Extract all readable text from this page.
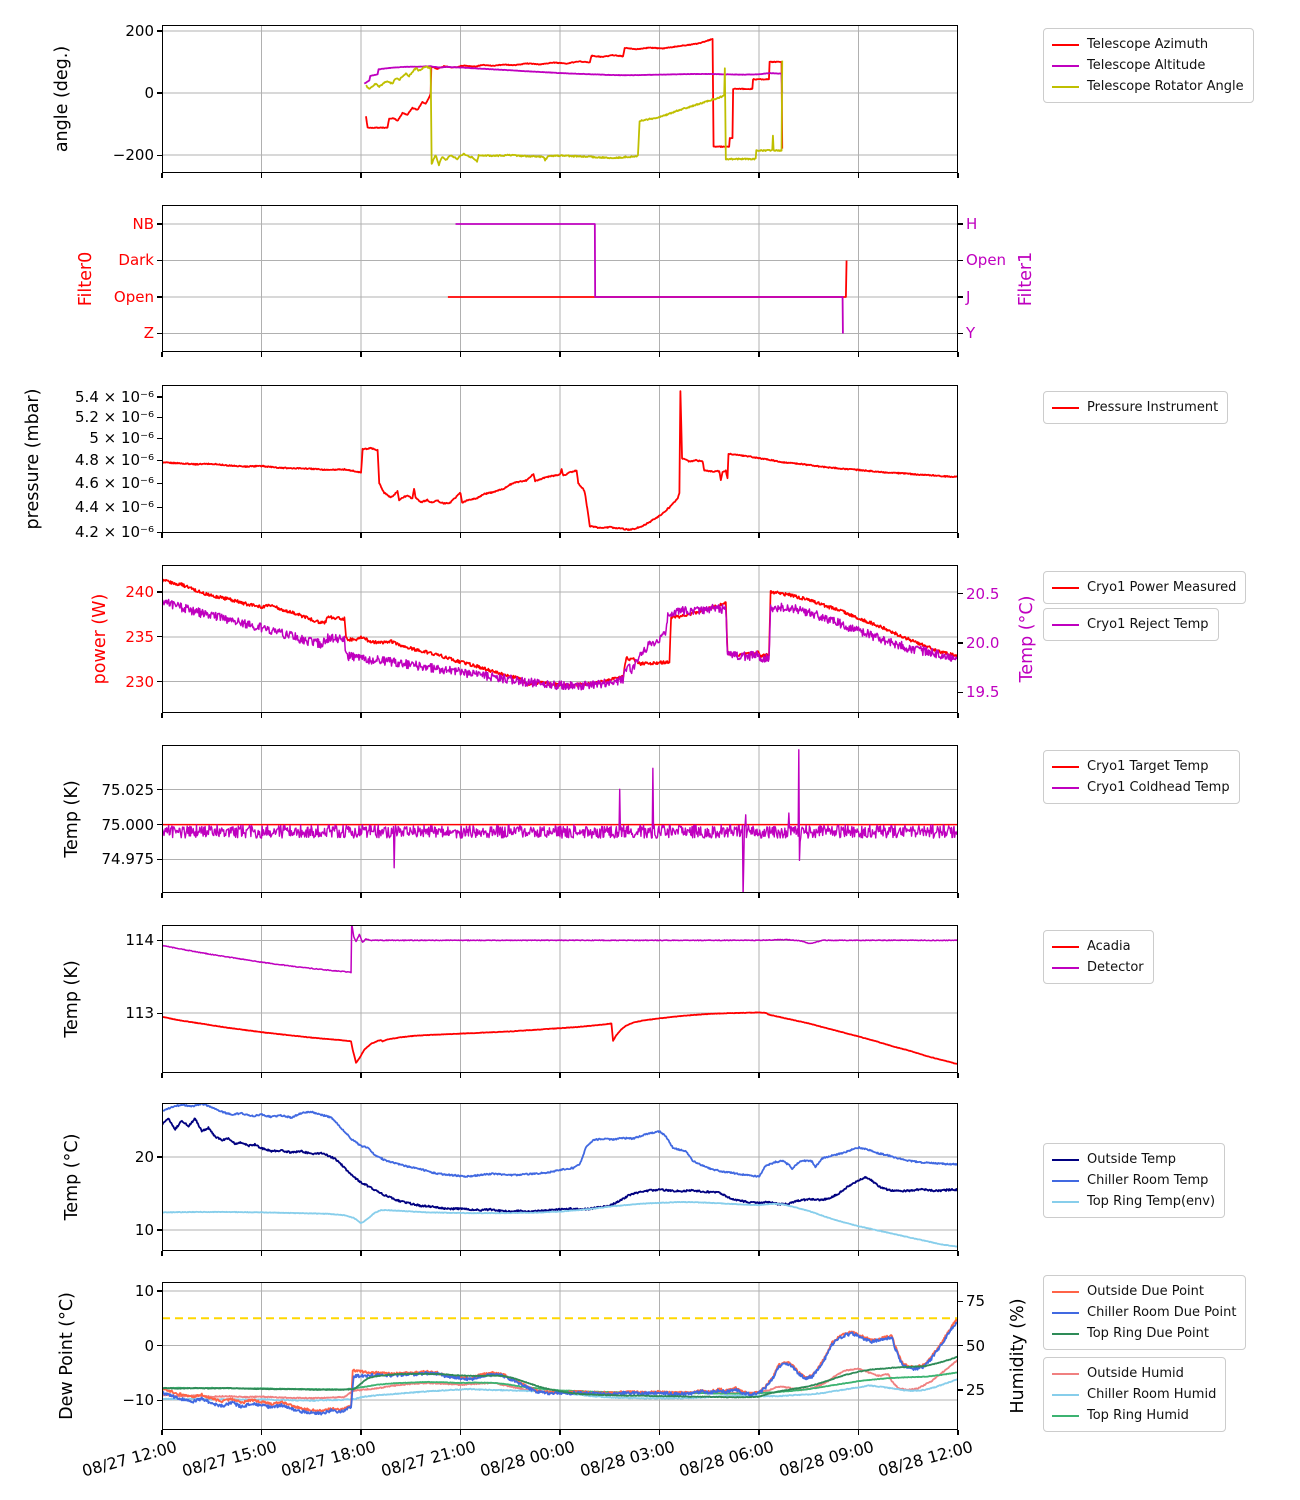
200
0
−200
angle (deg.)
Telescope Azimuth
Telescope Altitude
Telescope Rotator Angle
NB
Dark
Open
Z
H
Open
J
Y
Filter0	Filter1
5.4 × 10⁻⁶
5.2 × 10⁻⁶
5 × 10⁻⁶
4.8 × 10⁻⁶
4.6 × 10⁻⁶
4.4 × 10⁻⁶
4.2 × 10⁻⁶
pressure (mbar)	Pressure Instrument
240
235
230
20.5
20.0
19.5
power (W)	Temp (°C)
Cryo1 Power Measured
Cryo1 Reject Temp
75.025
75.000
74.975
Temp (K)
Cryo1 Target Temp
Cryo1 Coldhead Temp
114
113
Temp (K)
Acadia
Detector
20
10
Temp (°C)	Outside Temp
Chiller Room Temp
Top Ring Temp(env)
10
0
−10
75
50
25
Dew Point (°C)	Humidity (%)
Outside Due Point
Chiller Room Due Point
Top Ring Due Point
Outside Humid
Chiller Room Humid
Top Ring Humid
08/27 12:00 08/27 15:00 08/27 18:00 08/27 21:00 08/28 00:00 08/28 03:00 08/28 06:00 08/28 09:00 08/28 12:00
